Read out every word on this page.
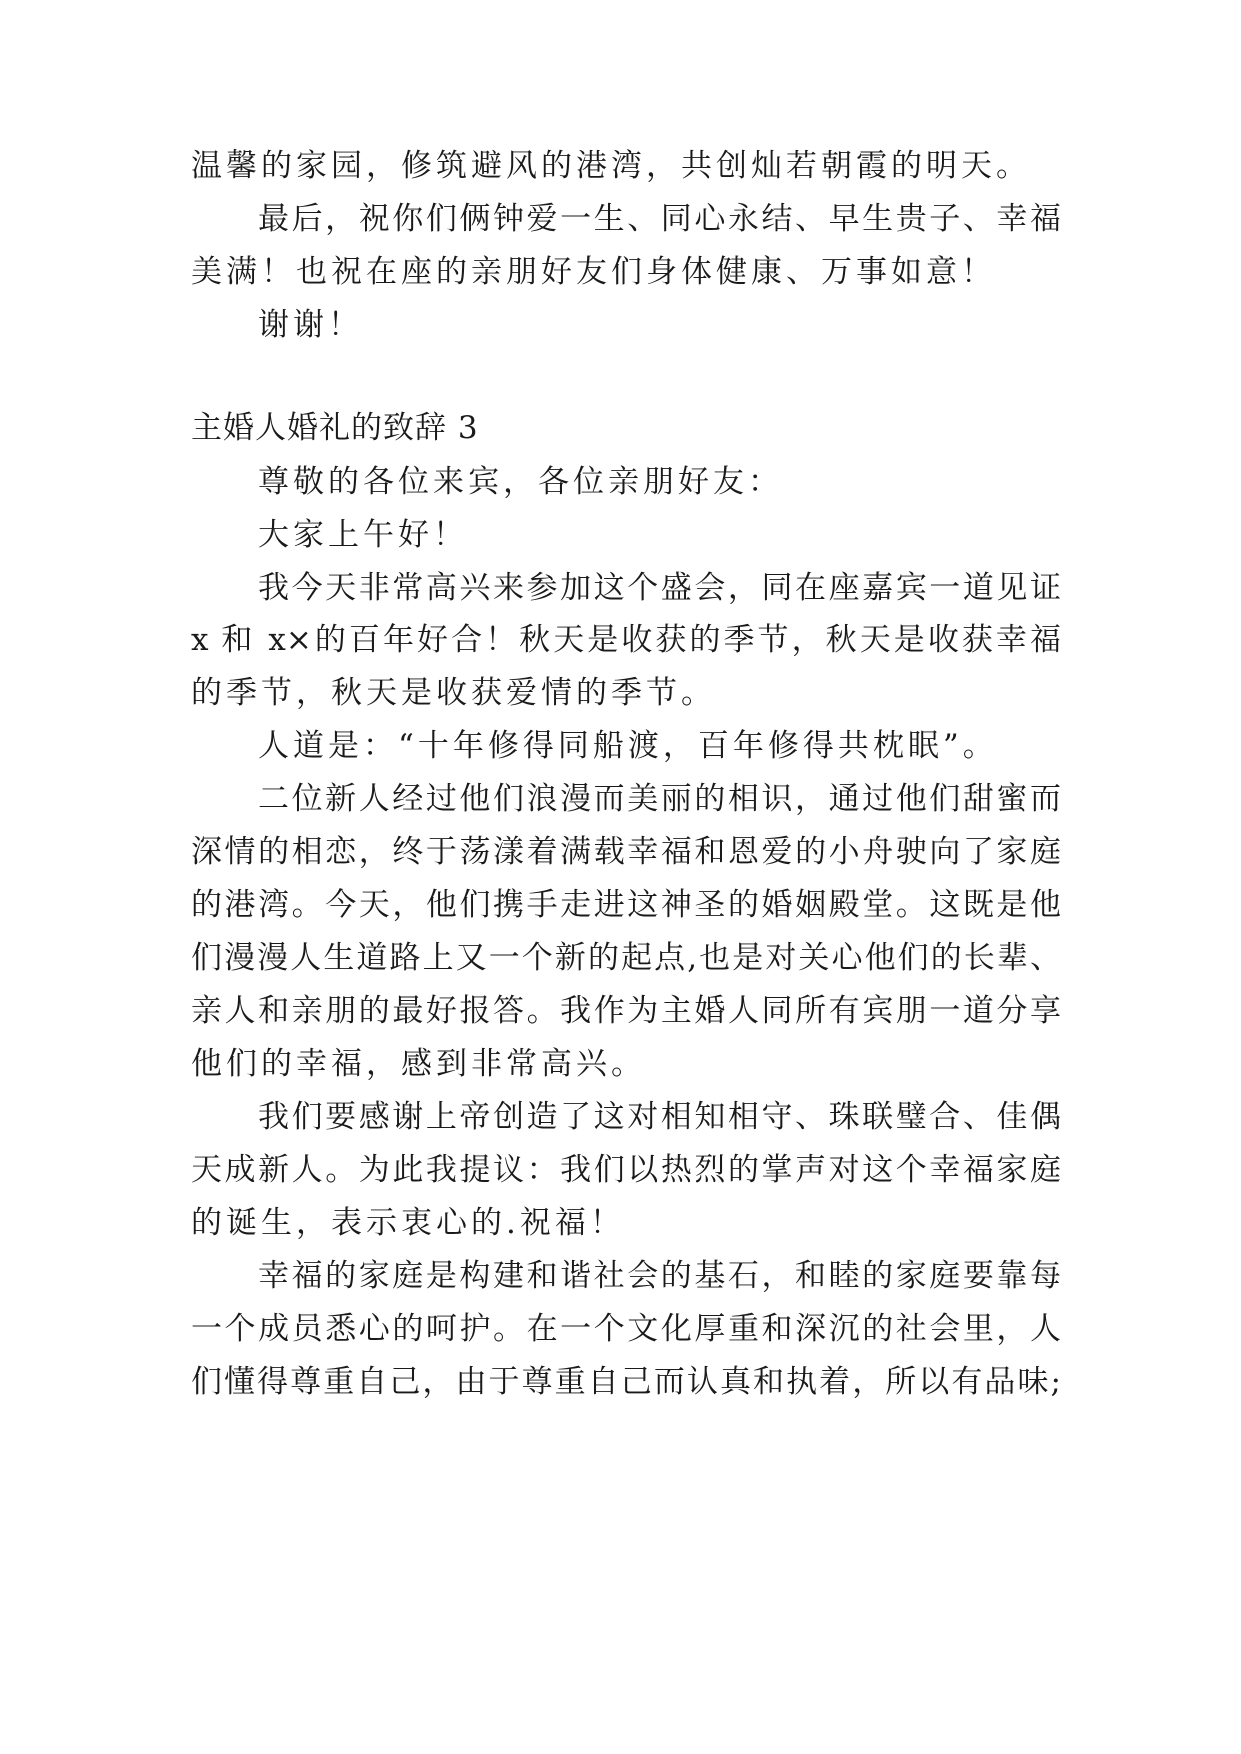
温馨的家园，修筑避风的港湾，共创灿若朝霞的明天。

最后，祝你们俩钟爱一生、同心永结、早生贵子、幸福

美满！也祝在座的亲朋好友们身体健康、万事如意！

谢谢！

主婚人婚礼的致辞 3

尊敬的各位来宾，各位亲朋好友：

大家上午好！

我今天非常高兴来参加这个盛会，同在座嘉宾一道见证

x 和 x×的百年好合！秋天是收获的季节，秋天是收获幸福

的季节，秋天是收获爱情的季节。

人道是：“十年修得同船渡，百年修得共枕眠”。

二位新人经过他们浪漫而美丽的相识，通过他们甜蜜而

深情的相恋，终于荡漾着满载幸福和恩爱的小舟驶向了家庭

的港湾。今天，他们携手走进这神圣的婚姻殿堂。这既是他

们漫漫人生道路上又一个新的起点,也是对关心他们的长辈、

亲人和亲朋的最好报答。我作为主婚人同所有宾朋一道分享

他们的幸福，感到非常高兴。

我们要感谢上帝创造了这对相知相守、珠联璧合、佳偶

天成新人。为此我提议：我们以热烈的掌声对这个幸福家庭

的诞生，表示衷心的.祝福！

幸福的家庭是构建和谐社会的基石，和睦的家庭要靠每

一个成员悉心的呵护。在一个文化厚重和深沉的社会里，人

们懂得尊重自己，由于尊重自己而认真和执着，所以有品味;
